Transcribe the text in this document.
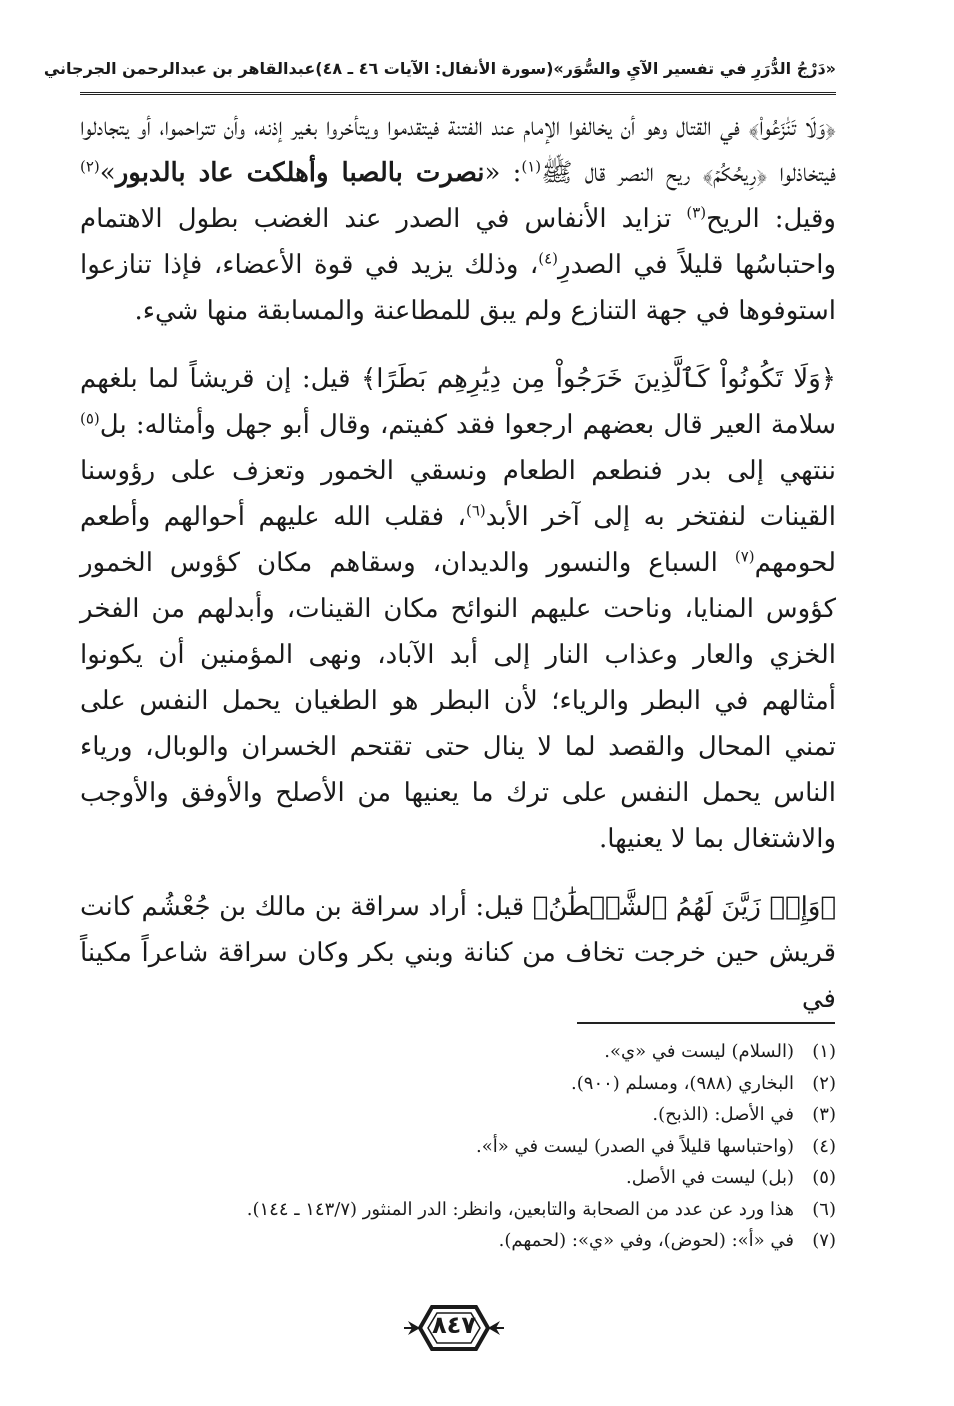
«دَرْجُ الدُّرَرِ في تفسير الآيِ والسُّوَر»
(سورة الأنفال: الآيات ٤٦ ـ ٤٨)
عبدالقاهر بن عبدالرحمن الجرجاني

﴿وَلَا تَنَٰزَعُواْ﴾ في القتال وهو أن يخالفوا الإمام عند الفتنة فيتقدموا ويتأخروا بغير إذنه، وأن تتراحموا، أو يتجادلوا فيتخاذلوا ﴿رِيحُكُمۡ﴾ ريح النصر قال ﷺ$^{(١)}$: «نصرت بالصبا وأهلكت عاد بالدبور»$^{(٢)}$ وقيل: الريح$^{(٣)}$ تزايد الأنفاس في الصدر عند الغضب بطول الاهتمام واحتباسُها قليلاً في الصدرِ$^{(٤)}$، وذلك يزيد في قوة الأعضاء، فإذا تنازعوا استوفوها في جهة التنازع ولم يبق للمطاعنة والمسابقة منها شيء.

﴿وَلَا تَكُونُواْ كَٱلَّذِينَ خَرَجُواْ مِن دِيَٰرِهِم بَطَرًا﴾ قيل: إن قريشاً لما بلغهم سلامة العير قال بعضهم ارجعوا فقد كفيتم، وقال أبو جهل وأمثاله: بل$^{(٥)}$ ننتهي إلى بدر فنطعم الطعام ونسقي الخمور وتعزف على رؤوسنا القينات لنفتخر به إلى آخر الأبد$^{(٦)}$، فقلب الله عليهم أحوالهم وأطعم لحومهم$^{(٧)}$ السباع والنسور والديدان، وسقاهم مكان كؤوس الخمور كؤوس المنايا، وناحت عليهم النوائح مكان القينات، وأبدلهم من الفخر الخزي والعار وعذاب النار إلى أبد الآباد، ونهى المؤمنين أن يكونوا أمثالهم في البطر والرياء؛ لأن البطر هو الطغيان يحمل النفس على تمني المحال والقصد لما لا ينال حتى تقتحم الخسران والوبال، ورياء الناس يحمل النفس على ترك ما يعنيها من الأصلح والأوفق والأوجب والاشتغال بما لا يعنيها.

﴿وَإِذۡ زَيَّنَ لَهُمُ ٱلشَّيۡطَٰنُ﴾ قيل: أراد سراقة بن مالك بن جُعْشُم كانت قريش حين خرجت تخاف من كنانة وبني بكر وكان سراقة شاعراً مكيناً في

(١)(السلام) ليست في «ي».
(٢)البخاري (٩٨٨)، ومسلم (٩٠٠).
(٣)في الأصل: (الذبح).
(٤)(واحتباسها قليلاً في الصدر) ليست في «أ».
(٥)(بل) ليست في الأصل.
(٦)هذا ورد عن عدد من الصحابة والتابعين، وانظر: الدر المنثور (١٤٣/٧ ـ ١٤٤).
(٧)في «أ»: (لحوض)، وفي «ي»: (لحمهم).
٨٤٧
